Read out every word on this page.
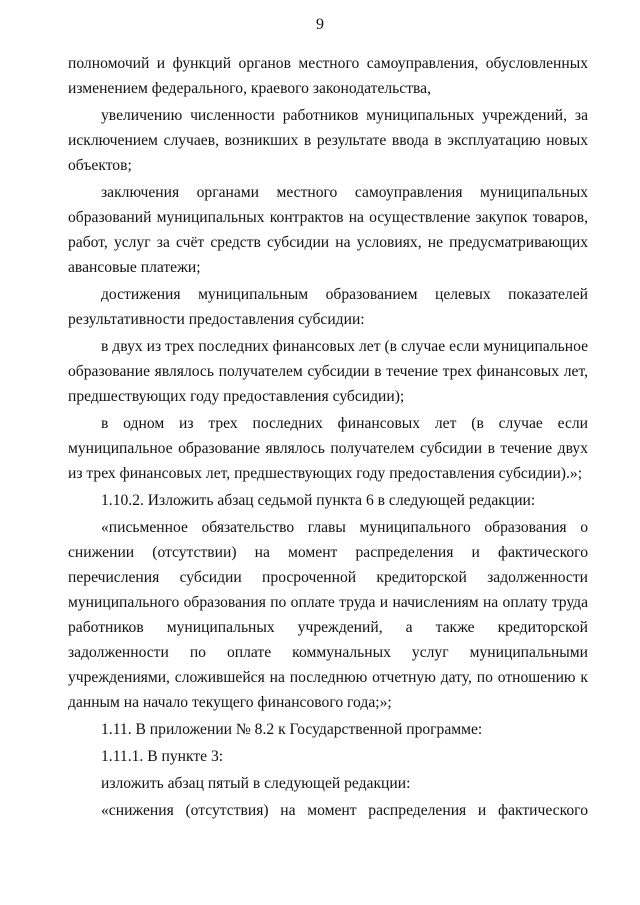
9

полномочий и функций органов местного самоуправления, обусловленных изменением федерального, краевого законодательства,

увеличению численности работников муниципальных учреждений, за исключением случаев, возникших в результате ввода в эксплуатацию новых объектов;

заключения органами местного самоуправления муниципальных образований муниципальных контрактов на осуществление закупок товаров, работ, услуг за счёт средств субсидии на условиях, не предусматривающих авансовые платежи;

достижения муниципальным образованием целевых показателей результативности предоставления субсидии:

в двух из трех последних финансовых лет (в случае если муниципальное образование являлось получателем субсидии в течение трех финансовых лет, предшествующих году предоставления субсидии);

в одном из трех последних финансовых лет (в случае если муниципальное образование являлось получателем субсидии в течение двух из трех финансовых лет, предшествующих году предоставления субсидии).»;

1.10.2. Изложить абзац седьмой пункта 6 в следующей редакции:

«письменное обязательство главы муниципального образования о снижении (отсутствии) на момент распределения и фактического перечисления субсидии просроченной кредиторской задолженности муниципального образования по оплате труда и начислениям на оплату труда работников муниципальных учреждений, а также кредиторской задолженности по оплате коммунальных услуг муниципальными учреждениями, сложившейся на последнюю отчетную дату, по отношению к данным на начало текущего финансового года;»;

1.11. В приложении № 8.2 к Государственной программе:

1.11.1. В пункте 3:

изложить абзац пятый в следующей редакции:

«снижения (отсутствия) на момент распределения и фактического
